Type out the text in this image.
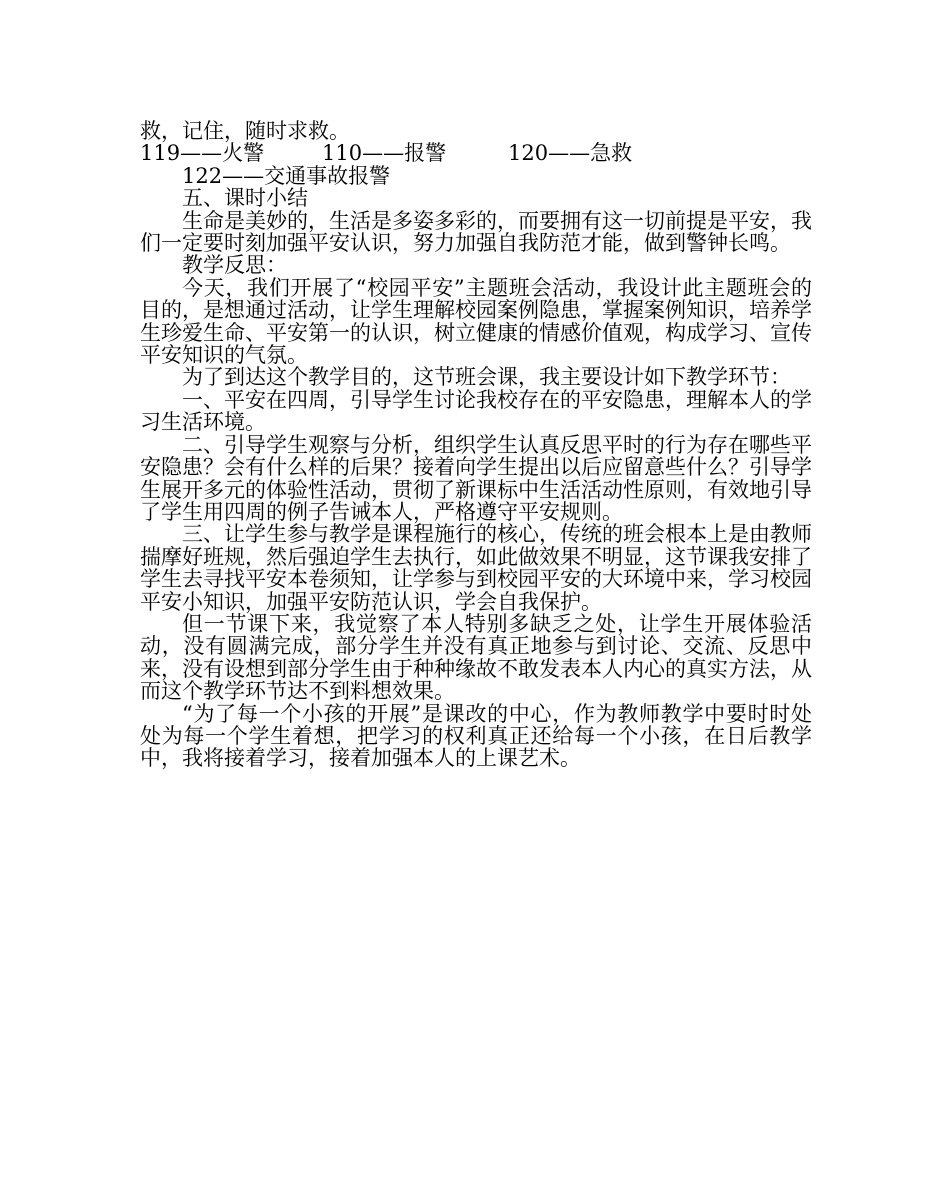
救，记住，随时求救。

119——火警	110——报警	120——急救

122——交通事故报警

五、课时小结

生命是美妙的，生活是多姿多彩的，而要拥有这一切前提是平安，我们一定要时刻加强平安认识，努力加强自我防范才能，做到警钟长鸣。

教学反思：

今天，我们开展了“校园平安”主题班会活动，我设计此主题班会的目的，是想通过活动，让学生理解校园案例隐患，掌握案例知识，培养学生珍爱生命、平安第一的认识，树立健康的情感价值观，构成学习、宣传平安知识的气氛。

为了到达这个教学目的，这节班会课，我主要设计如下教学环节：

一、平安在四周，引导学生讨论我校存在的平安隐患，理解本人的学习生活环境。

二、引导学生观察与分析，组织学生认真反思平时的行为存在哪些平安隐患？会有什么样的后果？接着向学生提出以后应留意些什么？引导学生展开多元的体验性活动，贯彻了新课标中生活活动性原则，有效地引导了学生用四周的例子告诫本人，严格遵守平安规则。

三、让学生参与教学是课程施行的核心，传统的班会根本上是由教师揣摩好班规，然后强迫学生去执行，如此做效果不明显，这节课我安排了学生去寻找平安本卷须知，让学参与到校园平安的大环境中来，学习校园平安小知识，加强平安防范认识，学会自我保护。

但一节课下来，我觉察了本人特别多缺乏之处，让学生开展体验活动，没有圆满完成，部分学生并没有真正地参与到讨论、交流、反思中来，没有设想到部分学生由于种种缘故不敢发表本人内心的真实方法，从而这个教学环节达不到料想效果。

“为了每一个小孩的开展”是课改的中心，作为教师教学中要时时处处为每一个学生着想，把学习的权利真正还给每一个小孩，在日后教学中，我将接着学习，接着加强本人的上课艺术。
